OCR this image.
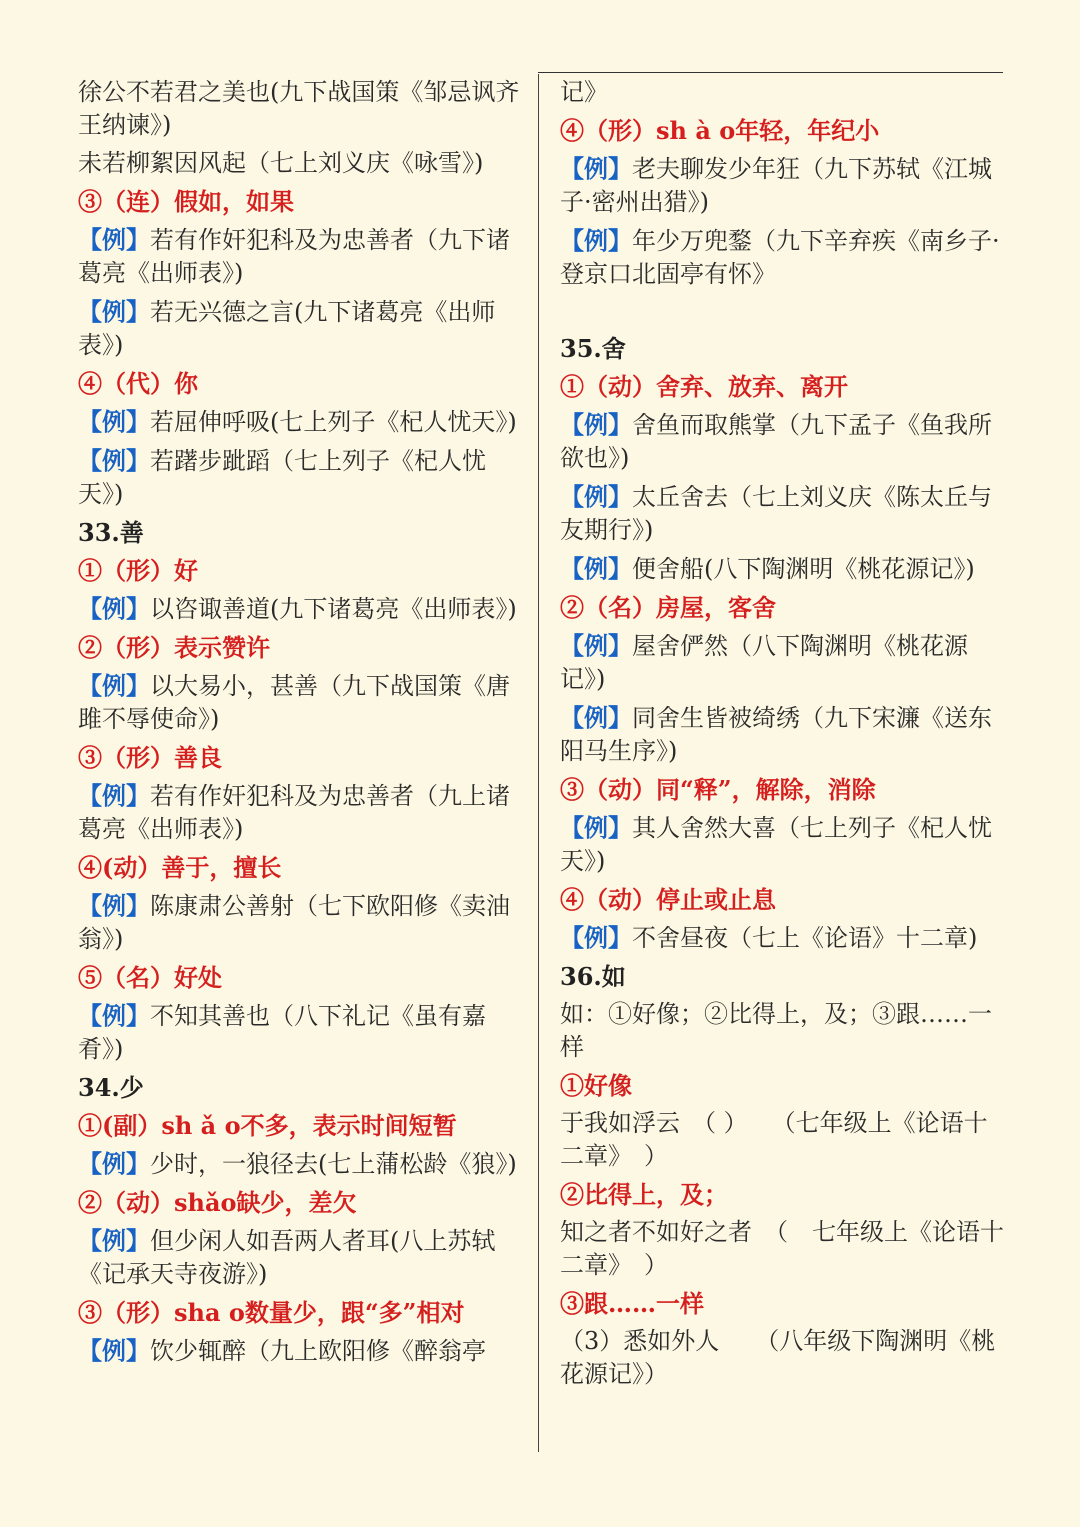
徐公不若君之美也(九下战国策《邹忌讽齐王纳谏》)
未若柳絮因风起（七上刘义庆《咏雪》)
③（连）假如，如果
【例】若有作奸犯科及为忠善者（九下诸葛亮《出师表》)
【例】若无兴德之言(九下诸葛亮《出师表》)
④（代）你
【例】若屈伸呼吸(七上列子《杞人忧天》)
【例】若躇步跐蹈（七上列子《杞人忧天》)
33.善
①（形）好
【例】以咨诹善道(九下诸葛亮《出师表》)
②（形）表示赞许
【例】以大易小，甚善（九下战国策《唐雎不辱使命》)
③（形）善良
【例】若有作奸犯科及为忠善者（九上诸葛亮《出师表》)
④(动）善于，擅长
【例】陈康肃公善射（七下欧阳修《卖油翁》)
⑤（名）好处
【例】不知其善也（八下礼记《虽有嘉肴》)
34.少
①(副）sh ǎ o不多，表示时间短暂
【例】少时，一狼径去(七上蒲松龄《狼》)
②（动）shǎo缺少，差欠
【例】但少闲人如吾两人者耳(八上苏轼《记承天寺夜游》)
③（形）sha o数量少，跟“多”相对
【例】饮少辄醉（九上欧阳修《醉翁亭
记》
④（形）sh à o年轻，年纪小
【例】老夫聊发少年狂（九下苏轼《江城子·密州出猎》)
【例】年少万兜鍪（九下辛弃疾《南乡子·登京口北固亭有怀》
35.舍
①（动）舍弃、放弃、离开
【例】舍鱼而取熊掌（九下孟子《鱼我所欲也》)
【例】太丘舍去（七上刘义庆《陈太丘与友期行》)
【例】便舍船(八下陶渊明《桃花源记》)
②（名）房屋，客舍
【例】屋舍俨然（八下陶渊明《桃花源记》)
【例】同舍生皆被绮绣（九下宋濂《送东阳马生序》)
③（动）同“释”，解除，消除
【例】其人舍然大喜（七上列子《杞人忧天》)
④（动）停止或止息
【例】不舍昼夜（七上《论语》十二章)
36.如
如：①好像；②比得上，及；③跟……一样
①好像
于我如浮云　（ ）　　（七年级上《论语十二章》　）
②比得上，及；
知之者不如好之者　（　七年级上《论语十二章》　）
③跟……一样
（3）悉如外人　　（八年级下陶渊明《桃花源记》）
